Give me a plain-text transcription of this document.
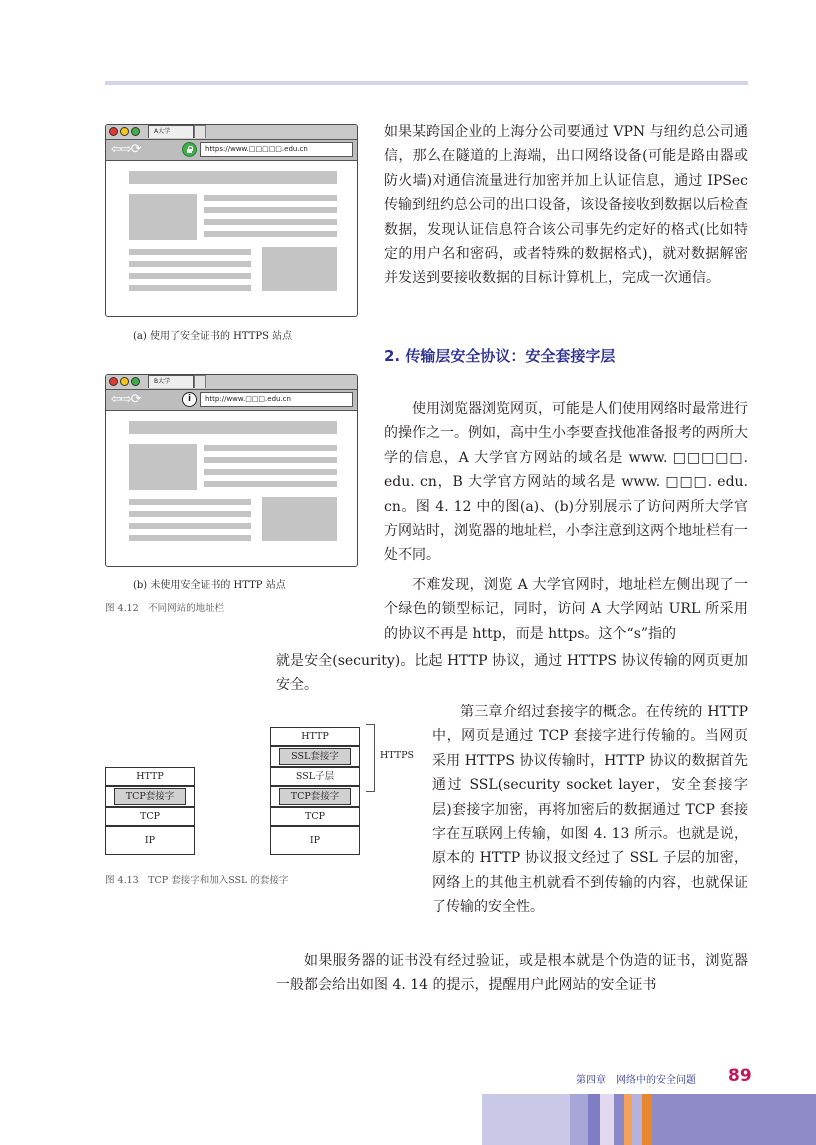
A大学
⇦⇨⟳	https://www.□□□□□.edu.cn
(a) 使用了安全证书的 HTTPS 站点
B大学
⇦⇨⟳	i	http://www.□□□.edu.cn
(b) 未使用安全证书的 HTTP 站点
图 4.12　不同网站的地址栏

如果某跨国企业的上海分公司要通过 VPN 与纽约总公司通信，那么在隧道的上海端，出口网络设备(可能是路由器或防火墙)对通信流量进行加密并加上认证信息，通过 IPSec 传输到纽约总公司的出口设备，该设备接收到数据以后检查数据，发现认证信息符合该公司事先约定好的格式(比如特定的用户名和密码，或者特殊的数据格式)，就对数据解密并发送到要接收数据的目标计算机上，完成一次通信。

2. 传输层安全协议：安全套接字层

使用浏览器浏览网页，可能是人们使用网络时最常进行的操作之一。例如，高中生小李要查找他准备报考的两所大学的信息，A 大学官方网站的域名是 www. □□□□□. edu. cn，B 大学官方网站的域名是 www. □□□. edu. cn。图 4. 12 中的图(a)、(b)分别展示了访问两所大学官方网站时，浏览器的地址栏，小李注意到这两个地址栏有一处不同。

不难发现，浏览 A 大学官网时，地址栏左侧出现了一个绿色的锁型标记，同时，访问 A 大学网站 URL 所采用的协议不再是 http，而是 https。这个“s”指的

就是安全(security)。比起 HTTP 协议，通过 HTTPS 协议传输的网页更加安全。

第三章介绍过套接字的概念。在传统的 HTTP 中，网页是通过 TCP 套接字进行传输的。当网页采用 HTTPS 协议传输时，HTTP 协议的数据首先通过 SSL(security socket layer，安全套接字层)套接字加密，再将加密后的数据通过 TCP 套接字在互联网上传输，如图 4. 13 所示。也就是说，原本的 HTTP 协议报文经过了 SSL 子层的加密，网络上的其他主机就看不到传输的内容，也就保证了传输的安全性。

如果服务器的证书没有经过验证，或是根本就是个伪造的证书，浏览器一般都会给出如图 4. 14 的提示，提醒用户此网站的安全证书

HTTP
TCP套接字
TCP
IP
HTTP
SSL套接字
SSL子层
TCP套接字
TCP
IP
HTTPS
图 4.13　TCP 套接字和加入SSL 的套接字
第四章　网络中的安全问题 89
